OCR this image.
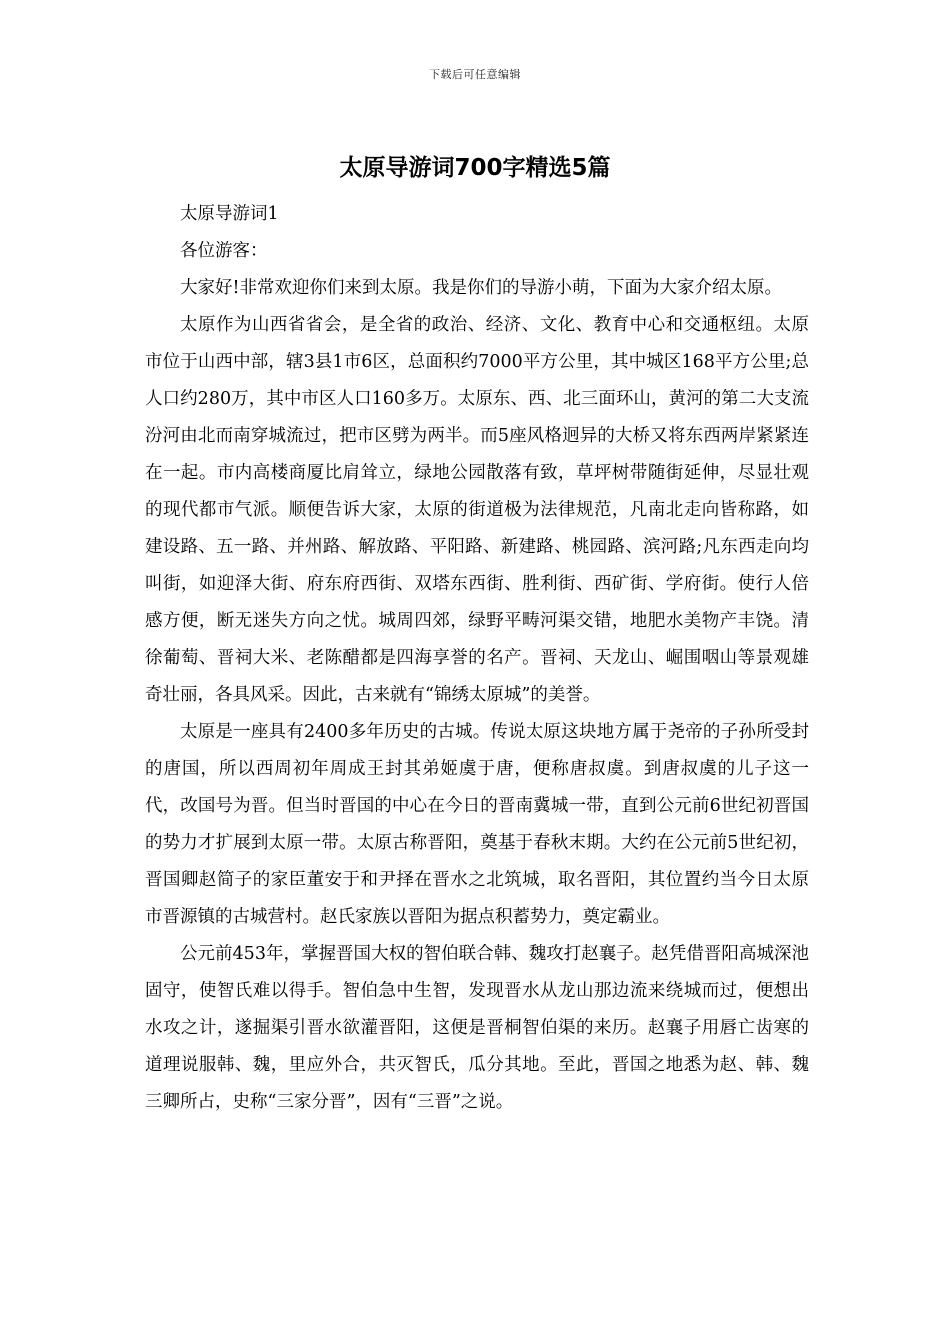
下载后可任意编辑
太原导游词700字精选5篇

太原导游词1

各位游客：

大家好!非常欢迎你们来到太原。我是你们的导游小萌，下面为大家介绍太原。

太原作为山西省省会，是全省的政治、经济、文化、教育中心和交通枢纽。太原市位于山西中部，辖3县1市6区，总面积约7000平方公里，其中城区168平方公里;总人口约280万，其中市区人口160多万。太原东、西、北三面环山，黄河的第二大支流汾河由北而南穿城流过，把市区劈为两半。而5座风格迥异的大桥又将东西两岸紧紧连在一起。市内高楼商厦比肩耸立，绿地公园散落有致，草坪树带随街延伸，尽显壮观的现代都市气派。顺便告诉大家，太原的街道极为法律规范，凡南北走向皆称路，如建设路、五一路、并州路、解放路、平阳路、新建路、桃园路、滨河路;凡东西走向均叫街，如迎泽大街、府东府西街、双塔东西街、胜利街、西矿街、学府街。使行人倍感方便，断无迷失方向之忧。城周四郊，绿野平畴河渠交错，地肥水美物产丰饶。清徐葡萄、晋祠大米、老陈醋都是四海享誉的名产。晋祠、天龙山、崛围咽山等景观雄奇壮丽，各具风采。因此，古来就有“锦绣太原城”的美誉。

太原是一座具有2400多年历史的古城。传说太原这块地方属于尧帝的子孙所受封的唐国，所以西周初年周成王封其弟姬虞于唐，便称唐叔虞。到唐叔虞的儿子这一代，改国号为晋。但当时晋国的中心在今日的晋南冀城一带，直到公元前6世纪初晋国的势力才扩展到太原一带。太原古称晋阳，奠基于春秋末期。大约在公元前5世纪初，晋国卿赵简子的家臣董安于和尹择在晋水之北筑城，取名晋阳，其位置约当今日太原市晋源镇的古城营村。赵氏家族以晋阳为据点积蓄势力，奠定霸业。

公元前453年，掌握晋国大权的智伯联合韩、魏攻打赵襄子。赵凭借晋阳高城深池固守，使智氏难以得手。智伯急中生智，发现晋水从龙山那边流来绕城而过，便想出水攻之计，遂掘渠引晋水欲灌晋阳，这便是晋桐智伯渠的来历。赵襄子用唇亡齿寒的道理说服韩、魏，里应外合，共灭智氏，瓜分其地。至此，晋国之地悉为赵、韩、魏三卿所占，史称“三家分晋”，因有“三晋”之说。
